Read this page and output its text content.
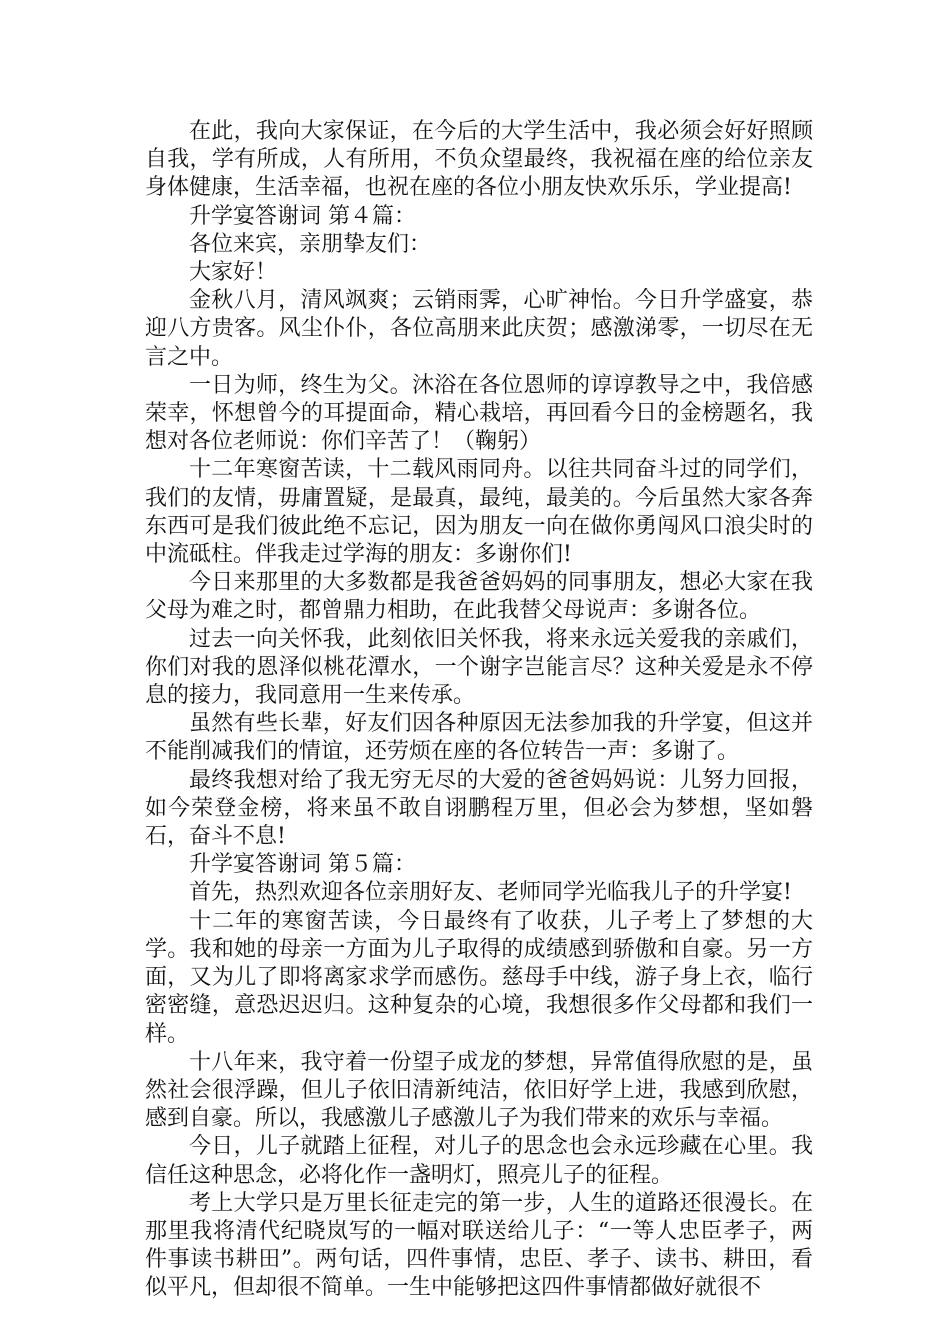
在此，我向大家保证，在今后的大学生活中，我必须会好好照顾自我，学有所成，人有所用，不负众望最终，我祝福在座的给位亲友身体健康，生活幸福，也祝在座的各位小朋友快欢乐乐，学业提高!

升学宴答谢词 第４篇：

各位来宾，亲朋挚友们：

大家好！

金秋八月，清风飒爽；云销雨霁，心旷神怡。今日升学盛宴，恭迎八方贵客。风尘仆仆，各位高朋来此庆贺；感激涕零，一切尽在无言之中。

一日为师，终生为父。沐浴在各位恩师的谆谆教导之中，我倍感荣幸，怀想曾今的耳提面命，精心栽培，再回看今日的金榜题名，我想对各位老师说：你们辛苦了！（鞠躬）

十二年寒窗苦读，十二载风雨同舟。以往共同奋斗过的同学们，我们的友情，毋庸置疑，是最真，最纯，最美的。今后虽然大家各奔东西可是我们彼此绝不忘记，因为朋友一向在做你勇闯风口浪尖时的中流砥柱。伴我走过学海的朋友：多谢你们!

今日来那里的大多数都是我爸爸妈妈的同事朋友，想必大家在我父母为难之时，都曾鼎力相助，在此我替父母说声：多谢各位。

过去一向关怀我，此刻依旧关怀我，将来永远关爱我的亲戚们，你们对我的恩泽似桃花潭水，一个谢字岂能言尽？这种关爱是永不停息的接力，我同意用一生来传承。

虽然有些长辈，好友们因各种原因无法参加我的升学宴，但这并不能削减我们的情谊，还劳烦在座的各位转告一声：多谢了。

最终我想对给了我无穷无尽的大爱的爸爸妈妈说：儿努力回报，如今荣登金榜，将来虽不敢自诩鹏程万里，但必会为梦想，坚如磐石，奋斗不息!

升学宴答谢词 第５篇：

首先，热烈欢迎各位亲朋好友、老师同学光临我儿子的升学宴!

十二年的寒窗苦读，今日最终有了收获，儿子考上了梦想的大学。我和她的母亲一方面为儿子取得的成绩感到骄傲和自豪。另一方面，又为儿了即将离家求学而感伤。慈母手中线，游子身上衣，临行密密缝，意恐迟迟归。这种复杂的心境，我想很多作父母都和我们一样。

十八年来，我守着一份望子成龙的梦想，异常值得欣慰的是，虽然社会很浮躁，但儿子依旧清新纯洁，依旧好学上进，我感到欣慰，感到自豪。所以，我感激儿子感激儿子为我们带来的欢乐与幸福。

今日，儿子就踏上征程，对儿子的思念也会永远珍藏在心里。我信任这种思念，必将化作一盏明灯，照亮儿子的征程。

考上大学只是万里长征走完的第一步，人生的道路还很漫长。在那里我将清代纪晓岚写的一幅对联送给儿子：“一等人忠臣孝子，两件事读书耕田”。两句话，四件事情，忠臣、孝子、读书、耕田，看似平凡，但却很不简单。一生中能够把这四件事情都做好就很不
